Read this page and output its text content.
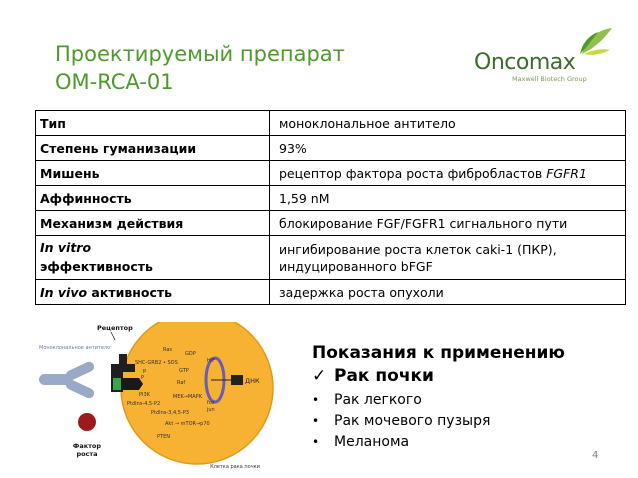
Проектируемый препарат
OM-RCA-01
Oncomax
Maxwell Biotech Group
Тип	моноклональное антитело
Степень гуманизации	93%
Мишень	рецептор фактора роста фибробластов FGFR1
Аффинность	1,59 nM
Механизм действия	блокирование FGF/FGFR1 сигнального пути
In vitro
эффективность	ингибирование роста клеток caki-1 (ПКР),
индуцированного bFGF
In vivo активность	задержка роста опухоли
ДНК
Ras
GDP
SHC-GRB2 • SOS
GTP
HIF
Raf
PI3K	MEK→MAPK
fos
jun
PtdIns-4,5-P2
PtdIns-3,4,5-P3
Akt → mTOR→p70
PTEN
P
P
Рецептор
Моноклональное антитело
Фактор
роста
Клетка рака почки
Показания к применению
✓ Рак почки
• Рак легкого
• Рак мочевого пузыря
• Меланома
4
